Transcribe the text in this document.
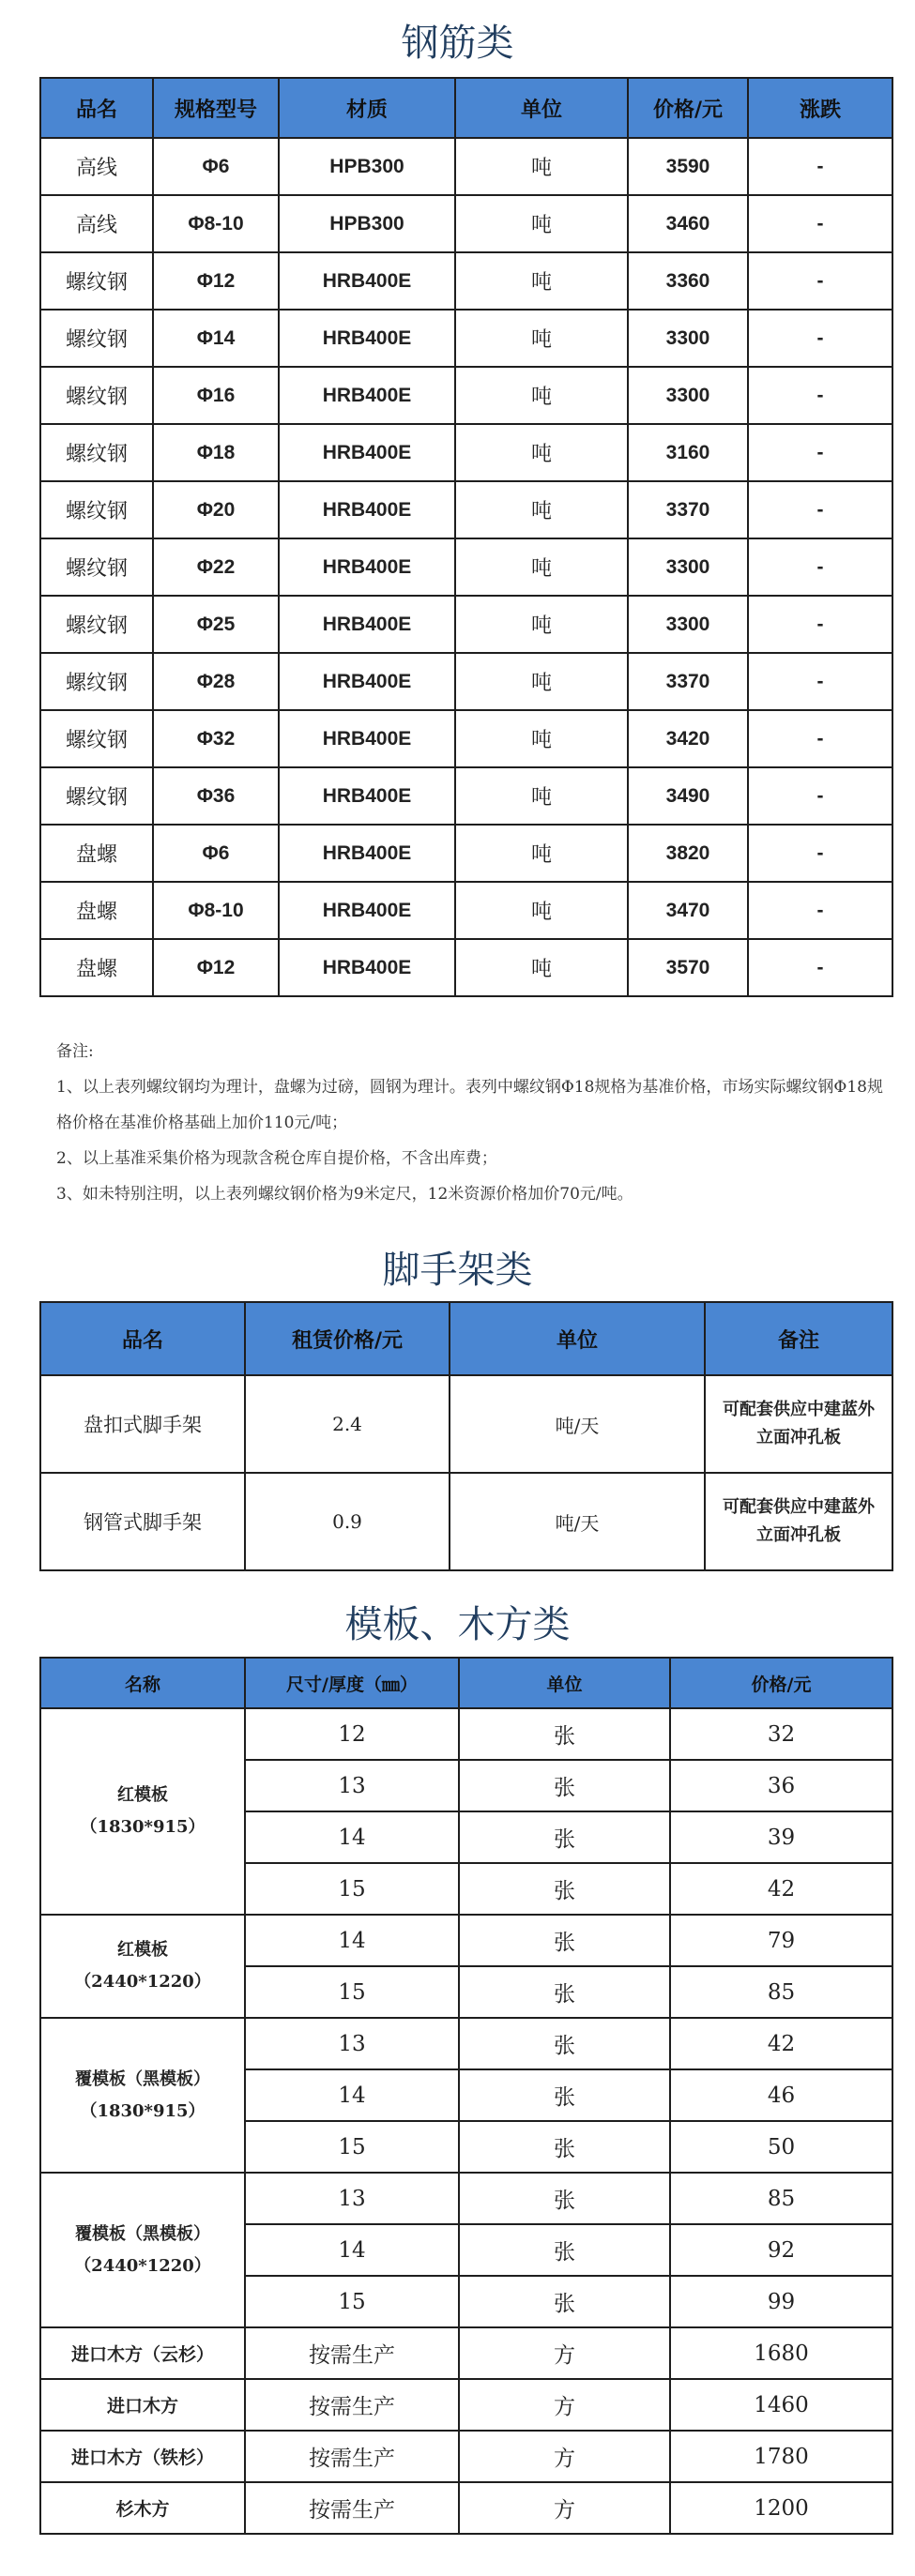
钢筋类
品名	规格型号	材质	单位	价格/元	涨跌
高线	Φ6	HPB300	吨	3590	-
高线	Φ8-10	HPB300	吨	3460	-
螺纹钢	Φ12	HRB400E	吨	3360	-
螺纹钢	Φ14	HRB400E	吨	3300	-
螺纹钢	Φ16	HRB400E	吨	3300	-
螺纹钢	Φ18	HRB400E	吨	3160	-
螺纹钢	Φ20	HRB400E	吨	3370	-
螺纹钢	Φ22	HRB400E	吨	3300	-
螺纹钢	Φ25	HRB400E	吨	3300	-
螺纹钢	Φ28	HRB400E	吨	3370	-
螺纹钢	Φ32	HRB400E	吨	3420	-
螺纹钢	Φ36	HRB400E	吨	3490	-
盘螺	Φ6	HRB400E	吨	3820	-
盘螺	Φ8-10	HRB400E	吨	3470	-
盘螺	Φ12	HRB400E	吨	3570	-

备注:

1、以上表列螺纹钢均为理计，盘螺为过磅，圆钢为理计。表列中螺纹钢Φ18规格为基准价格，市场实际螺纹钢Φ18规格价格在基准价格基础上加价110元/吨；

2、以上基准采集价格为现款含税仓库自提价格，不含出库费；

3、如未特别注明，以上表列螺纹钢价格为9米定尺，12米资源价格加价70元/吨。

脚手架类
品名	租赁价格/元	单位	备注
盘扣式脚手架	2.4	吨/天	可配套供应中建蓝外立面冲孔板
钢管式脚手架	0.9	吨/天	可配套供应中建蓝外立面冲孔板
模板、木方类
名称	尺寸/厚度（㎜）	单位	价格/元

红模板
（1830*915）	12	张	32
	13	张	36
	14	张	39
	15	张	42

红模板
（2440*1220）	14	张	79
	15	张	85

覆模板（黑模板）
（1830*915）	13	张	42
	14	张	46
	15	张	50

覆模板（黑模板）
（2440*1220）	13	张	85
	14	张	92
	15	张	99
进口木方（云杉）	按需生产	方	1680
进口木方	按需生产	方	1460
进口木方（铁杉）	按需生产	方	1780
杉木方	按需生产	方	1200
